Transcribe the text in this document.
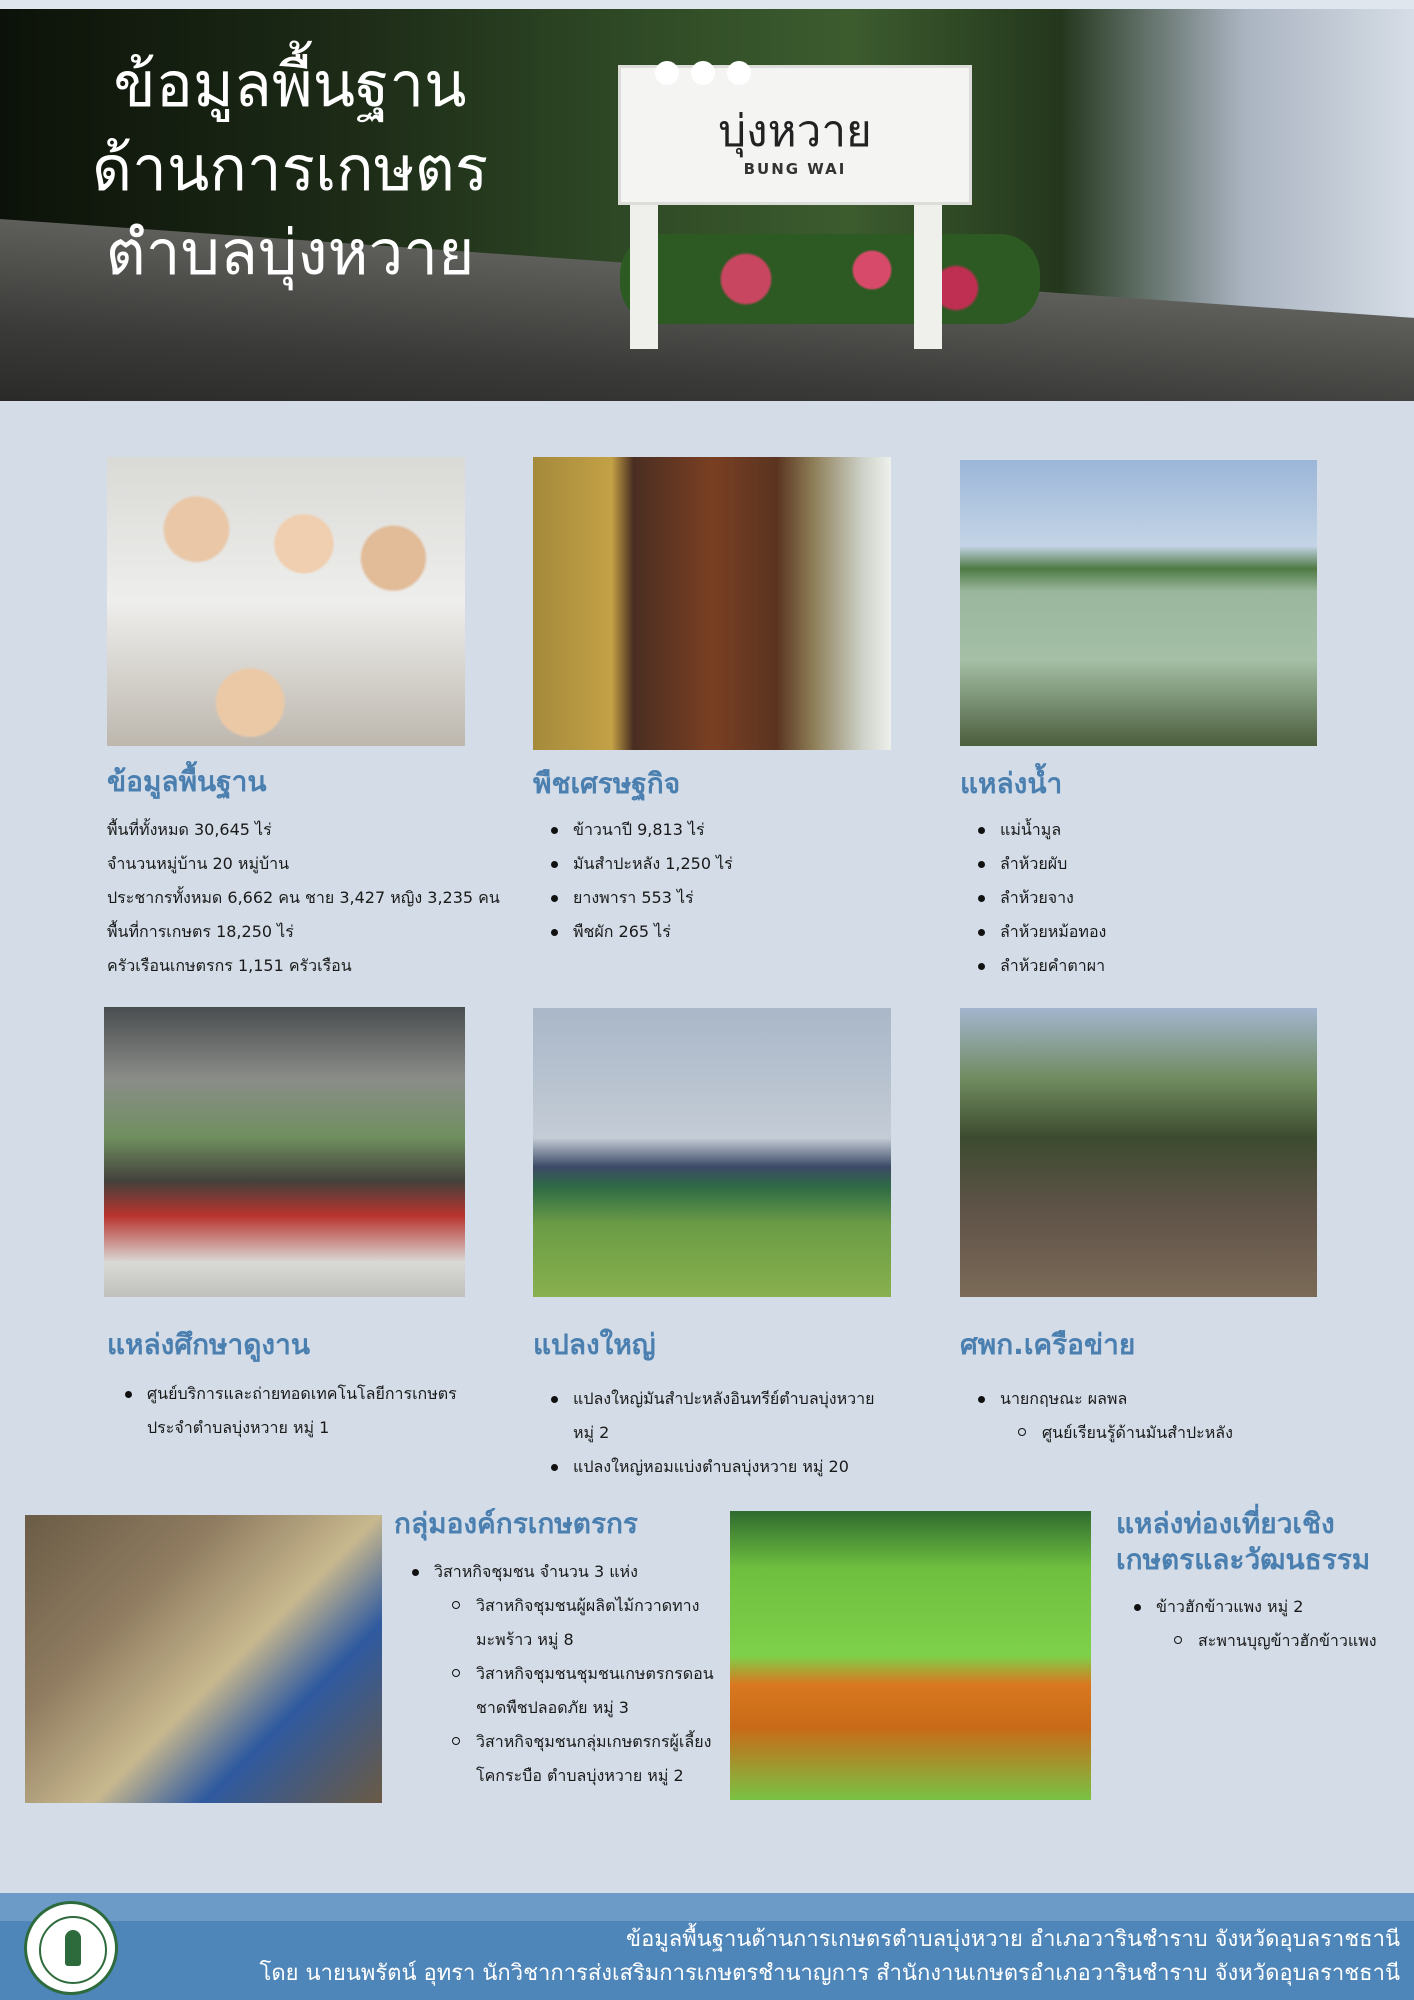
บุ่งหวาย
BUNG WAI
ข้อมูลพื้นฐาน
ด้านการเกษตร
ตำบลบุ่งหวาย
ข้อมูลพื้นฐาน

พื้นที่ทั้งหมด 30,645 ไร่

จำนวนหมู่บ้าน 20 หมู่บ้าน

ประชากรทั้งหมด 6,662 คน ชาย 3,427 หญิง 3,235 คน

พื้นที่การเกษตร 18,250 ไร่

ครัวเรือนเกษตรกร 1,151 ครัวเรือน

พืชเศรษฐกิจ
ข้าวนาปี 9,813 ไร่
มันสำปะหลัง 1,250 ไร่
ยางพารา 553 ไร่
พืชผัก 265 ไร่
แหล่งน้ำ
แม่น้ำมูล
ลำห้วยผับ
ลำห้วยจาง
ลำห้วยหม้อทอง
ลำห้วยคำตาผา
แหล่งศึกษาดูงาน
ศูนย์บริการและถ่ายทอดเทคโนโลยีการเกษตร
ประจำตำบลบุ่งหวาย หมู่ 1
แปลงใหญ่
แปลงใหญ่มันสำปะหลังอินทรีย์ตำบลบุ่งหวาย
หมู่ 2
แปลงใหญ่หอมแบ่งตำบลบุ่งหวาย หมู่ 20
ศพก.เครือข่าย
นายกฤษณะ ผลพล
ศูนย์เรียนรู้ด้านมันสำปะหลัง
กลุ่มองค์กรเกษตรกร
วิสาหกิจชุมชน จำนวน 3 แห่ง
วิสาหกิจชุมชนผู้ผลิตไม้กวาดทาง
มะพร้าว หมู่ 8
วิสาหกิจชุมชนชุมชนเกษตรกรดอน
ชาดพืชปลอดภัย หมู่ 3
วิสาหกิจชุมชนกลุ่มเกษตรกรผู้เลี้ยง
โคกระบือ ตำบลบุ่งหวาย หมู่ 2
แหล่งท่องเที่ยวเชิง
เกษตรและวัฒนธรรม
ข้าวฮักข้าวแพง หมู่ 2
สะพานบุญข้าวฮักข้าวแพง
ข้อมูลพื้นฐานด้านการเกษตรตำบลบุ่งหวาย อำเภอวารินชำราบ จังหวัดอุบลราชธานี
โดย นายนพรัตน์ อุทรา นักวิชาการส่งเสริมการเกษตรชำนาญการ สำนักงานเกษตรอำเภอวารินชำราบ จังหวัดอุบลราชธานี
